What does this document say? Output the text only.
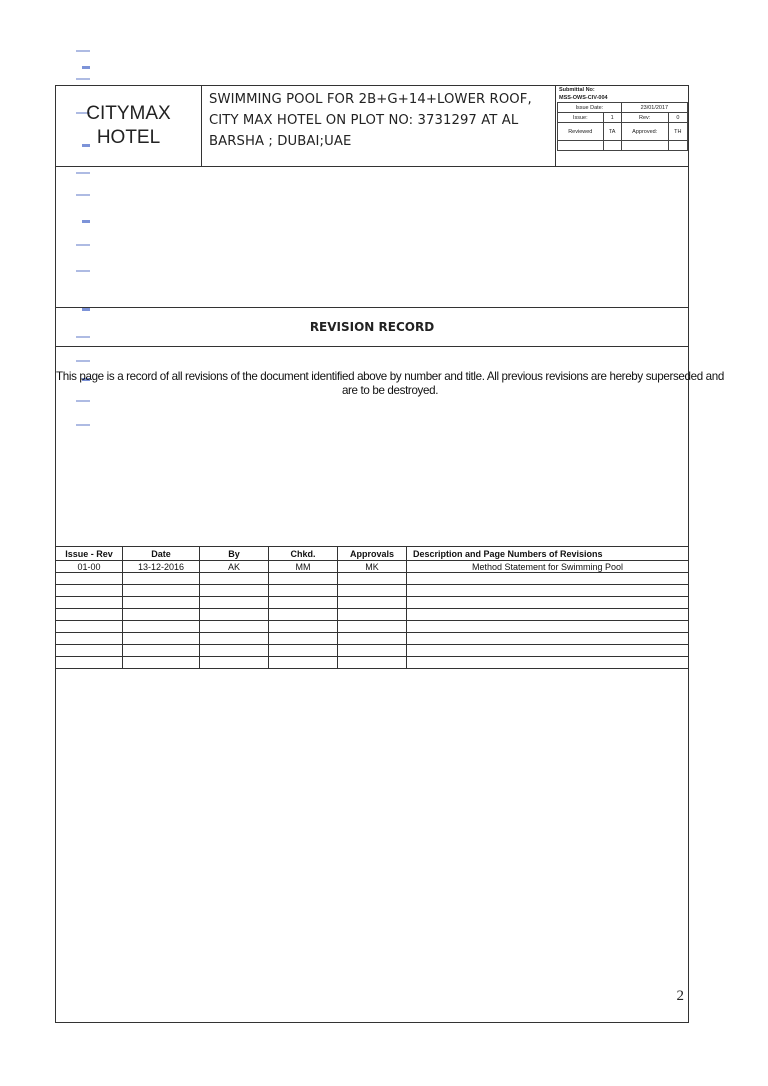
CITYMAX
HOTEL
SWIMMING POOL FOR 2B+G+14+LOWER ROOF, CITY MAX HOTEL ON PLOT NO: 3731297 AT AL BARSHA ; DUBAI;UAE
Submittal No:
MSS-OWS-CIV-004
Issue Date:		23/01/2017	
Issue:	1	Rev:	0
Reviewed	TA	Approved:	TH

REVISION RECORD
Issue - Rev	Date	By	Chkd.	Approvals	Description and Page Numbers of Revisions
01-00	13-12-2016	AK	MM	MK	Method Statement for Swimming Pool

2
This page is a record of all revisions of the document identified above by number and title. All previous revisions are hereby superseded and are to be destroyed.
